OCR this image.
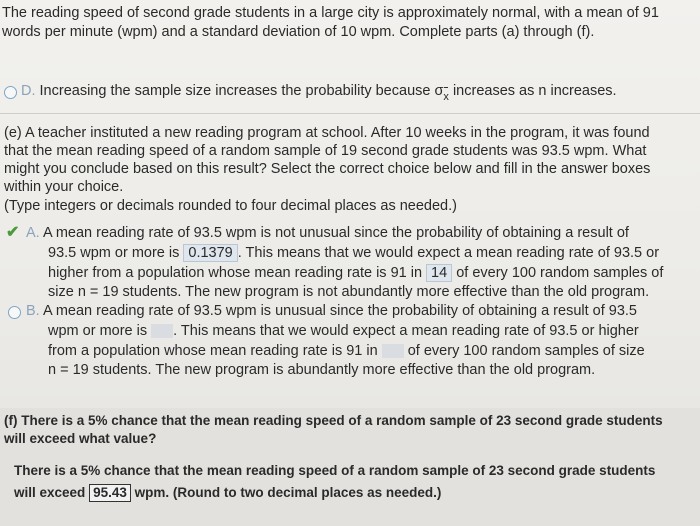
The reading speed of second grade students in a large city is approximately normal, with a mean of 91
words per minute (wpm) and a standard deviation of 10 wpm. Complete parts (a) through (f).
D. Increasing the sample size increases the probability because σx increases as n increases.
(e) A teacher instituted a new reading program at school. After 10 weeks in the program, it was found
that the mean reading speed of a random sample of 19 second grade students was 93.5 wpm. What
might you conclude based on this result? Select the correct choice below and fill in the answer boxes
within your choice.
(Type integers or decimals rounded to four decimal places as needed.)
✔ A. A mean reading rate of 93.5 wpm is not unusual since the probability of obtaining a result of
93.5 wpm or more is 0.1379 . This means that we would expect a mean reading rate of 93.5 or
higher from a population whose mean reading rate is 91 in 14 of every 100 random samples of
size n = 19 students. The new program is not abundantly more effective than the old program.
B. A mean reading rate of 93.5 wpm is unusual since the probability of obtaining a result of 93.5
wpm or more is . This means that we would expect a mean reading rate of 93.5 or higher
from a population whose mean reading rate is 91 in of every 100 random samples of size
n = 19 students. The new program is abundantly more effective than the old program.
(f) There is a 5% chance that the mean reading speed of a random sample of 23 second grade students
will exceed what value?
There is a 5% chance that the mean reading speed of a random sample of 23 second grade students
will exceed 95.43 wpm. (Round to two decimal places as needed.)
